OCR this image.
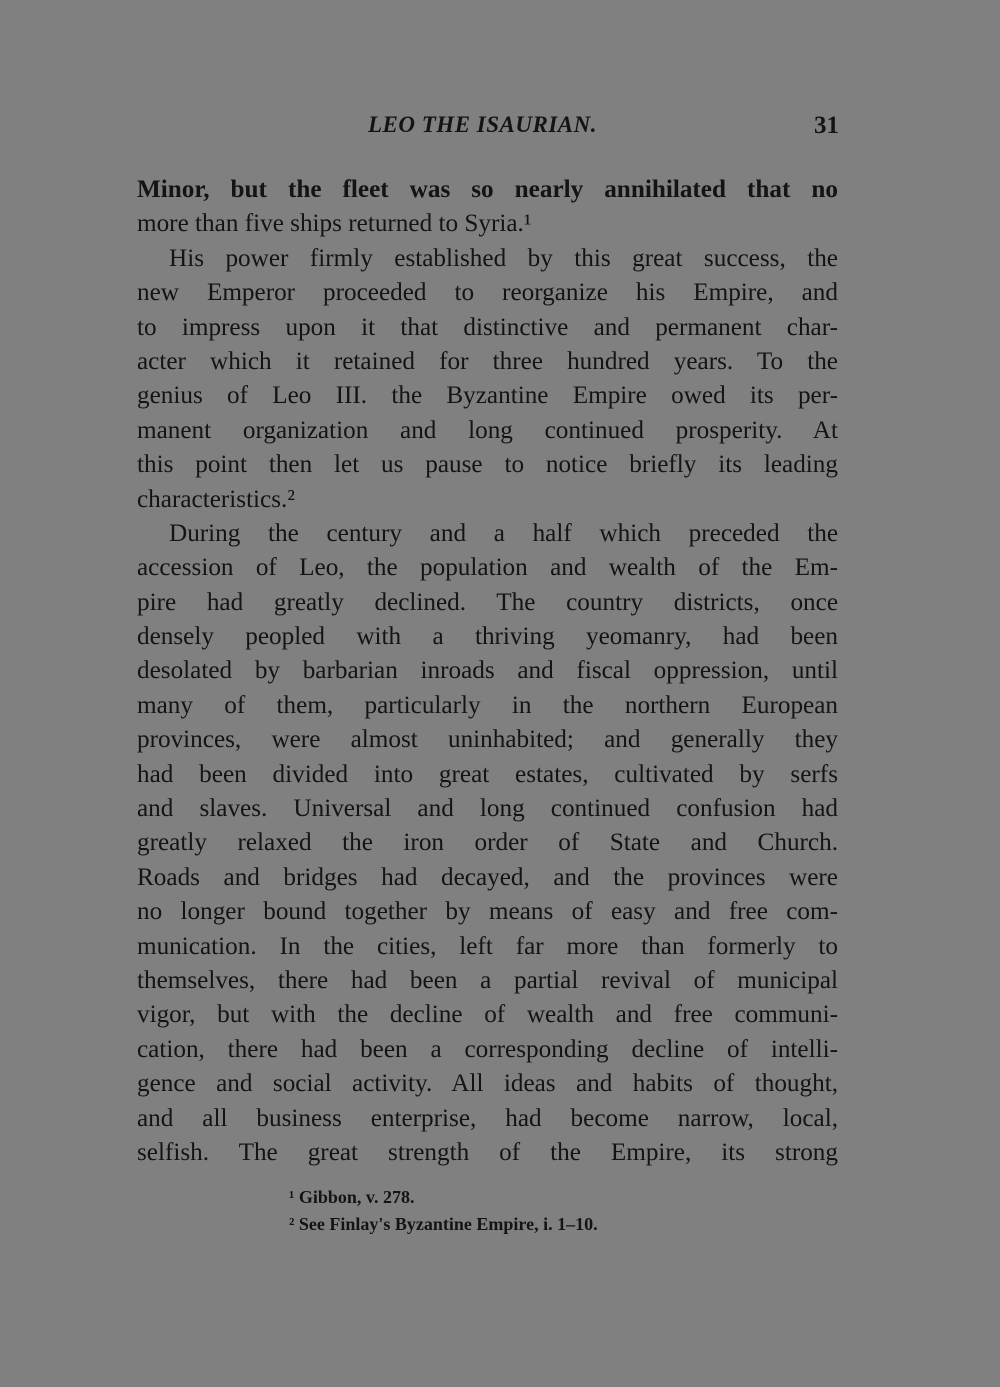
LEO THE ISAURIAN.	31
Minor, but the fleet was so nearly annihilated that no
more than five ships returned to Syria.¹
His power firmly established by this great success, the
new Emperor proceeded to reorganize his Empire, and
to impress upon it that distinctive and permanent char-
acter which it retained for three hundred years. To the
genius of Leo III. the Byzantine Empire owed its per-
manent organization and long continued prosperity. At
this point then let us pause to notice briefly its leading
characteristics.²
During the century and a half which preceded the
accession of Leo, the population and wealth of the Em-
pire had greatly declined. The country districts, once
densely peopled with a thriving yeomanry, had been
desolated by barbarian inroads and fiscal oppression, until
many of them, particularly in the northern European
provinces, were almost uninhabited; and generally they
had been divided into great estates, cultivated by serfs
and slaves. Universal and long continued confusion had
greatly relaxed the iron order of State and Church.
Roads and bridges had decayed, and the provinces were
no longer bound together by means of easy and free com-
munication. In the cities, left far more than formerly to
themselves, there had been a partial revival of municipal
vigor, but with the decline of wealth and free communi-
cation, there had been a corresponding decline of intelli-
gence and social activity. All ideas and habits of thought,
and all business enterprise, had become narrow, local,
selfish. The great strength of the Empire, its strong
¹ Gibbon, v. 278.
² See Finlay's Byzantine Empire, i. 1–10.
